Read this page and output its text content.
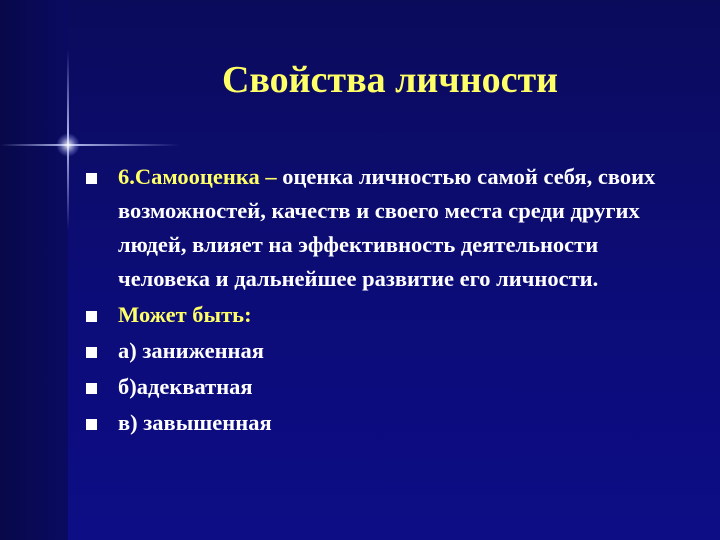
Свойства личности
6.Самооценка – оценка личностью самой себя, своих возможностей, качеств и своего места среди других людей, влияет на эффективность деятельности человека и дальнейшее развитие его личности.
Может быть:
а) заниженная
б)адекватная
в) завышенная
